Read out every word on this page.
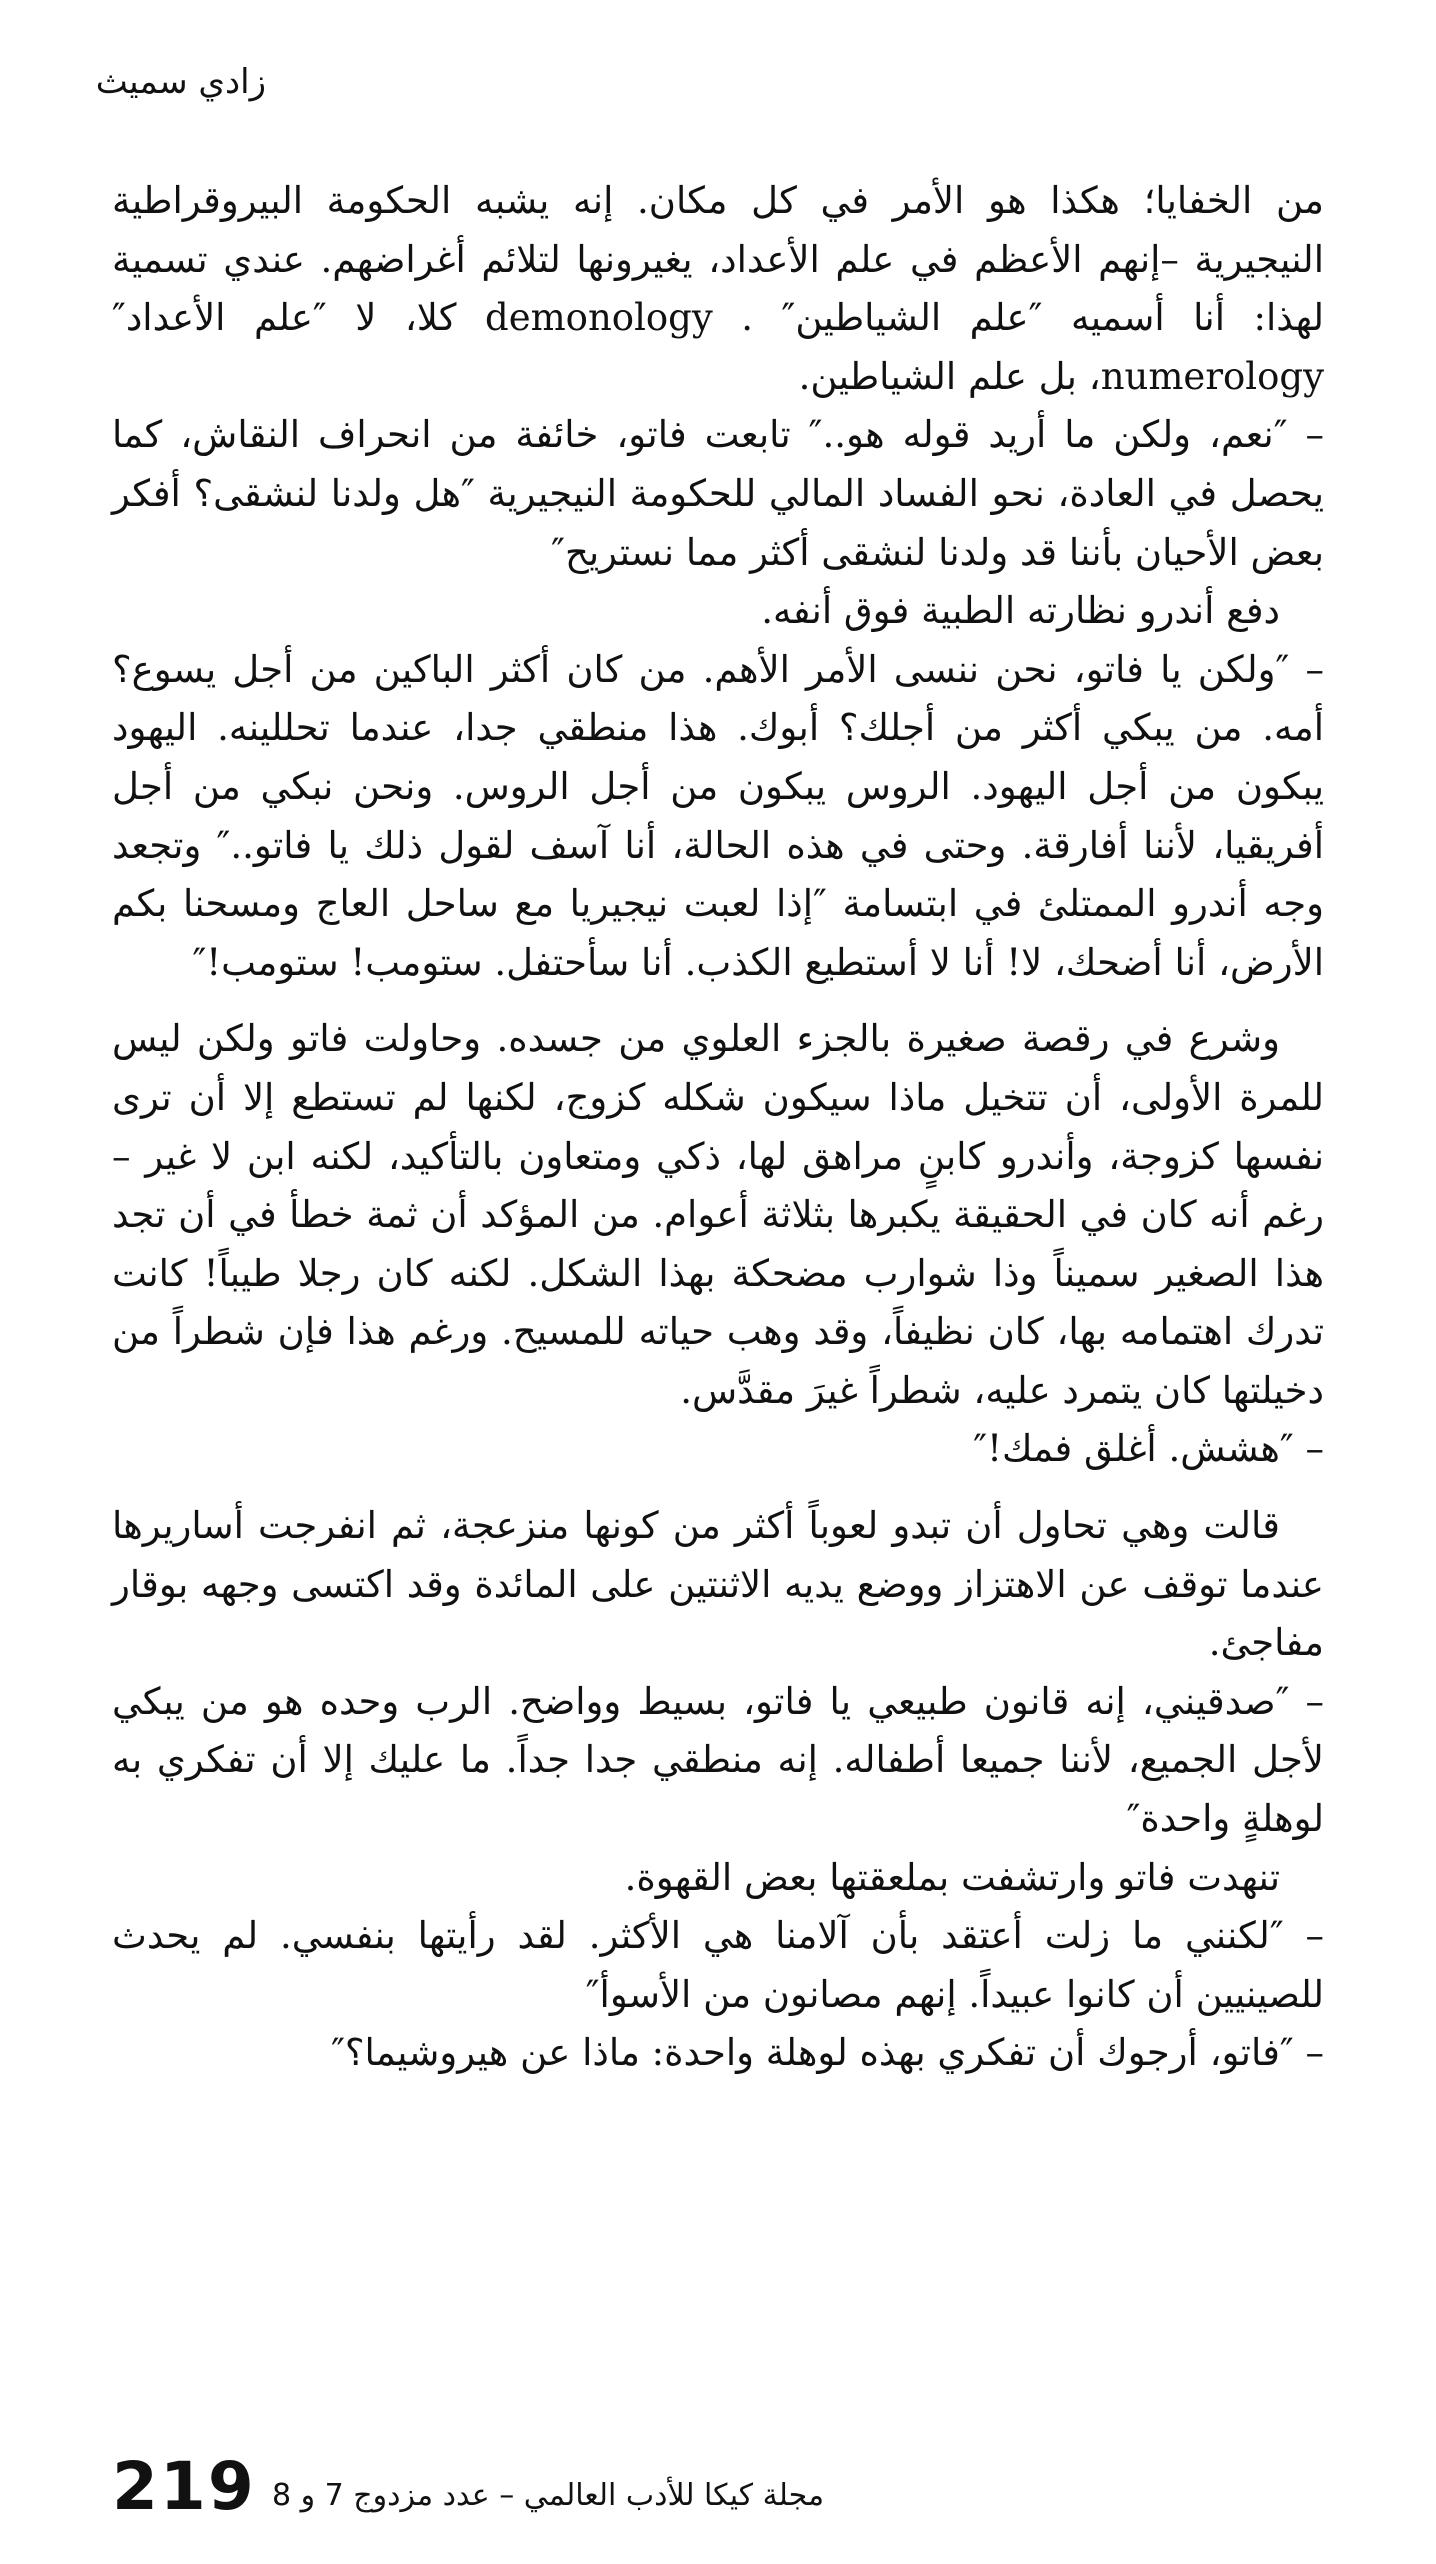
زادي سميث

من الخفايا؛ هكذا هو الأمر في كل مكان. إنه يشبه الحكومة البيروقراطية النيجيرية –إنهم الأعظم في علم الأعداد، يغيرونها لتلائم أغراضهم. عندي تسمية لهذا: أنا أسميه ″علم الشياطين″ . demonology كلا، لا ″علم الأعداد″ numerology، بل علم الشياطين.

– ″نعم، ولكن ما أريد قوله هو..″ تابعت فاتو، خائفة من انحراف النقاش، كما يحصل في العادة، نحو الفساد المالي للحكومة النيجيرية ″هل ولدنا لنشقى؟ أفكر بعض الأحيان بأننا قد ولدنا لنشقى أكثر مما نستريح″

دفع أندرو نظارته الطبية فوق أنفه.

– ″ولكن يا فاتو، نحن ننسى الأمر الأهم. من كان أكثر الباكين من أجل يسوع؟ أمه. من يبكي أكثر من أجلك؟ أبوك. هذا منطقي جدا، عندما تحللينه. اليهود يبكون من أجل اليهود. الروس يبكون من أجل الروس. ونحن نبكي من أجل أفريقيا، لأننا أفارقة. وحتى في هذه الحالة، أنا آسف لقول ذلك يا فاتو..″ وتجعد وجه أندرو الممتلئ في ابتسامة ″إذا لعبت نيجيريا مع ساحل العاج ومسحنا بكم الأرض، أنا أضحك، لا! أنا لا أستطيع الكذب. أنا سأحتفل. ستومب! ستومب!″

وشرع في رقصة صغيرة بالجزء العلوي من جسده. وحاولت فاتو ولكن ليس للمرة الأولى، أن تتخيل ماذا سيكون شكله كزوج، لكنها لم تستطع إلا أن ترى نفسها كزوجة، وأندرو كابنٍ مراهق لها، ذكي ومتعاون بالتأكيد، لكنه ابن لا غير –رغم أنه كان في الحقيقة يكبرها بثلاثة أعوام. من المؤكد أن ثمة خطأ في أن تجد هذا الصغير سميناً وذا شوارب مضحكة بهذا الشكل. لكنه كان رجلا طيباً! كانت تدرك اهتمامه بها، كان نظيفاً، وقد وهب حياته للمسيح. ورغم هذا فإن شطراً من دخيلتها كان يتمرد عليه، شطراً غيرَ مقدَّس.

– ″هشش. أغلق فمك!″

قالت وهي تحاول أن تبدو لعوباً أكثر من كونها منزعجة، ثم انفرجت أساريرها عندما توقف عن الاهتزاز ووضع يديه الاثنتين على المائدة وقد اكتسى وجهه بوقار مفاجئ.

– ″صدقيني، إنه قانون طبيعي يا فاتو، بسيط وواضح. الرب وحده هو من يبكي لأجل الجميع، لأننا جميعا أطفاله. إنه منطقي جدا جداً. ما عليك إلا أن تفكري به لوهلةٍ واحدة″

تنهدت فاتو وارتشفت بملعقتها بعض القهوة.

– ″لكنني ما زلت أعتقد بأن آلامنا هي الأكثر. لقد رأيتها بنفسي. لم يحدث للصينيين أن كانوا عبيداً. إنهم مصانون من الأسوأ″

– ″فاتو، أرجوك أن تفكري بهذه لوهلة واحدة: ماذا عن هيروشيما؟″

219 مجلة كيكا للأدب العالمي – عدد مزدوج 7 و 8
